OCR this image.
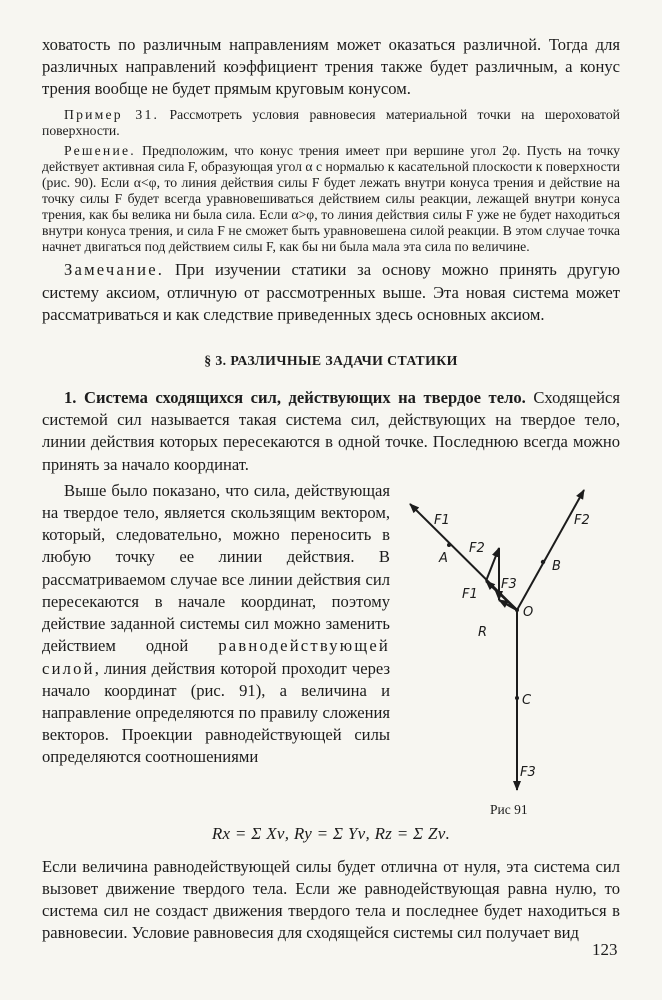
ховатость по различным направлениям может оказаться различной. Тогда для различных направлений коэффициент трения также будет различным, а конус трения вообще не будет прямым круговым конусом.

Пример 31. Рассмотреть условия равновесия материальной точки на шероховатой поверхности.

Решение. Предположим, что конус трения имеет при вершине угол 2φ. Пусть на точку действует активная сила F, образующая угол α с нормалью к касательной плоскости к поверхности (рис. 90). Если α<φ, то линия действия силы F будет лежать внутри конуса трения и действие на точку силы F будет всегда уравновешиваться действием силы реакции, лежащей внутри конуса трения, как бы велика ни была сила. Если α>φ, то линия действия силы F уже не будет находиться внутри конуса трения, и сила F не сможет быть уравновешена силой реакции. В этом случае точка начнет двигаться под действием силы F, как бы ни была мала эта сила по величине.

Замечание. При изучении статики за основу можно принять другую систему аксиом, отличную от рассмотренных выше. Эта новая система может рассматриваться и как следствие приведенных здесь основных аксиом.

§ 3. РАЗЛИЧНЫЕ ЗАДАЧИ СТАТИКИ

1. Система сходящихся сил, действующих на твердое тело. Сходящейся системой сил называется такая система сил, действующих на твердое тело, линии действия которых пересекаются в одной точке. Последнюю всегда можно принять за начало координат.

F1	F2
F2
F1
F3
F3
A
B
C
O
R
Рис 91

Выше было показано, что сила, действующая на твердое тело, является скользящим вектором, который, следовательно, можно переносить в любую точку ее линии действия. В рассматриваемом случае все линии действия сил пересекаются в начале координат, поэтому действие заданной системы сил можно заменить действием одной равнодействующей силой, линия действия которой проходит через начало координат (рис. 91), а величина и направление определяются по правилу сложения векторов. Проекции равнодействующей силы определяются соотношениями

Rx = Σ Xν, Ry = Σ Yν, Rz = Σ Zν.

Если величина равнодействующей силы будет отлична от нуля, эта система сил вызовет движение твердого тела. Если же равнодействующая равна нулю, то система сил не создаст движения твердого тела и последнее будет находиться в равновесии. Условие равновесия для сходящейся системы сил получает вид

123
